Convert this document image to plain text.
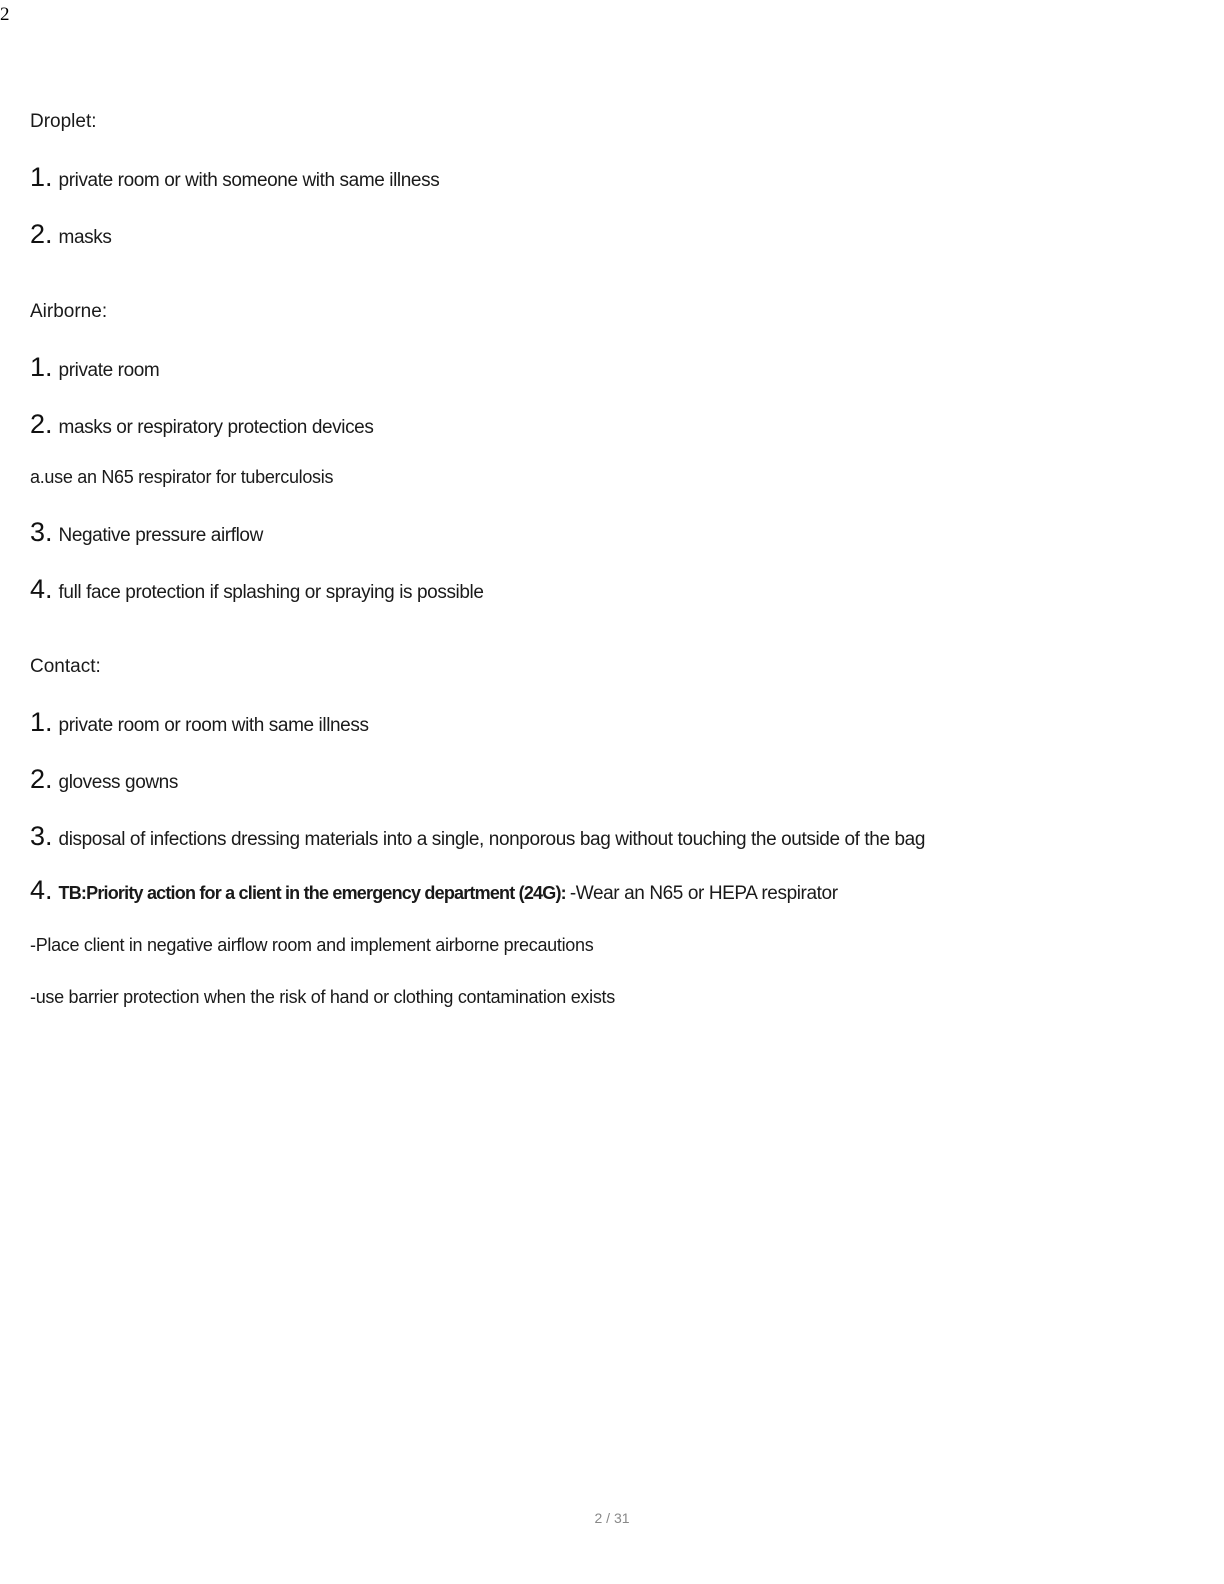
2
Droplet:
1. private room or with someone with same illness
2. masks
Airborne:
1. private room
2. masks or respiratory protection devices
a.use an N65 respirator for tuberculosis
3. Negative pressure airflow
4. full face protection if splashing or spraying is possible
Contact:
1. private room or room with same illness
2. glovess gowns
3. disposal of infections dressing materials into a single, nonporous bag without touching the outside of the bag
4. TB:Priority action for a client in the emergency department (24G): -Wear an N65 or HEPA respirator
-Place client in negative airflow room and implement airborne precautions
-use barrier protection when the risk of hand or clothing contamination exists
2 / 31
